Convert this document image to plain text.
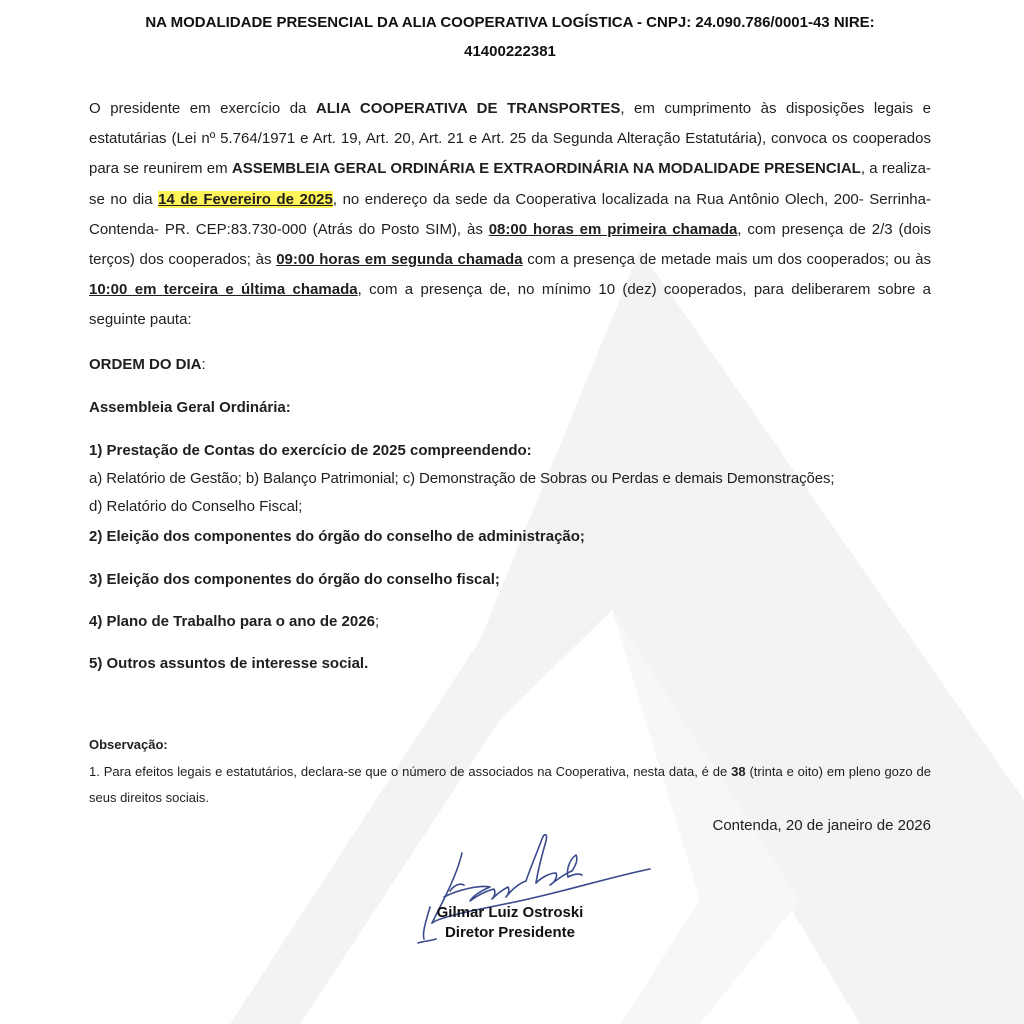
NA MODALIDADE PRESENCIAL DA ALIA COOPERATIVA LOGÍSTICA - CNPJ: 24.090.786/0001-43 NIRE:
41400222381

O presidente em exercício da ALIA COOPERATIVA DE TRANSPORTES, em cumprimento às disposições legais e estatutárias (Lei nº 5.764/1971 e Art. 19, Art. 20, Art. 21 e Art. 25 da Segunda Alteração Estatutária), convoca os cooperados para se reunirem em ASSEMBLEIA GERAL ORDINÁRIA E EXTRAORDINÁRIA NA MODALIDADE PRESENCIAL, a realiza-se no dia 14 de Fevereiro de 2025, no endereço da sede da Cooperativa localizada na Rua Antônio Olech, 200- Serrinha- Contenda- PR. CEP:83.730-000 (Atrás do Posto SIM), às 08:00 horas em primeira chamada, com presença de 2/3 (dois terços) dos cooperados; às 09:00 horas em segunda chamada com a presença de metade mais um dos cooperados; ou às 10:00 em terceira e última chamada, com a presença de, no mínimo 10 (dez) cooperados, para deliberarem sobre a seguinte pauta:

ORDEM DO DIA:
Assembleia Geral Ordinária:
1) Prestação de Contas do exercício de 2025 compreendendo:
a) Relatório de Gestão; b) Balanço Patrimonial; c) Demonstração de Sobras ou Perdas e demais Demonstrações;
d) Relatório do Conselho Fiscal;
2) Eleição dos componentes do órgão do conselho de administração;
3) Eleição dos componentes do órgão do conselho fiscal;
4) Plano de Trabalho para o ano de 2026;
5) Outros assuntos de interesse social.
Observação:

1. Para efeitos legais e estatutários, declara-se que o número de associados na Cooperativa, nesta data, é de 38 (trinta e oito) em pleno gozo de seus direitos sociais.

Contenda, 20 de janeiro de 2026
Gilmar Luiz Ostroski
Diretor Presidente
